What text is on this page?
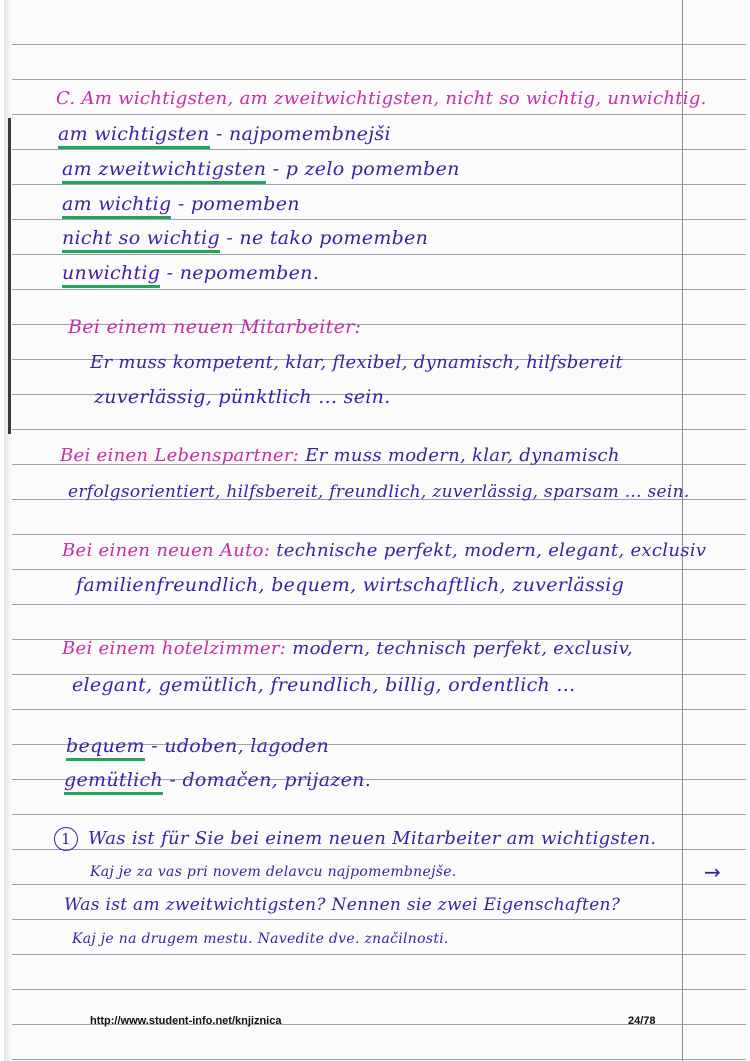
C. Am wichtigsten, am zweitwichtigsten, nicht so wichtig, unwichtig.
am wichtigsten - najpomembnejši
am zweitwichtigsten - p zelo pomemben
am wichtig - pomemben
nicht so wichtig - ne tako pomemben
unwichtig - nepomemben.
Bei einem neuen Mitarbeiter:
Er muss kompetent, klar, flexibel, dynamisch, hilfsbereit
zuverlässig, pünktlich ... sein.
Bei einen Lebenspartner: Er muss modern, klar, dynamisch
erfolgsorientiert, hilfsbereit, freundlich, zuverlässig, sparsam ... sein.
Bei einen neuen Auto: technische perfekt, modern, elegant, exclusiv
familienfreundlich, bequem, wirtschaftlich, zuverlässig
Bei einem hotelzimmer: modern, technisch perfekt, exclusiv,
elegant, gemütlich, freundlich, billig, ordentlich ...
bequem - udoben, lagoden
gemütlich - domačen, prijazen.
1 Was ist für Sie bei einem neuen Mitarbeiter am wichtigsten.
Kaj je za vas pri novem delavcu najpomembnejše.
Was ist am zweitwichtigsten? Nennen sie zwei Eigenschaften?
Kaj je na drugem mestu. Navedite dve. značilnosti.
→
http://www.student-info.net/knjiznica	24/78
